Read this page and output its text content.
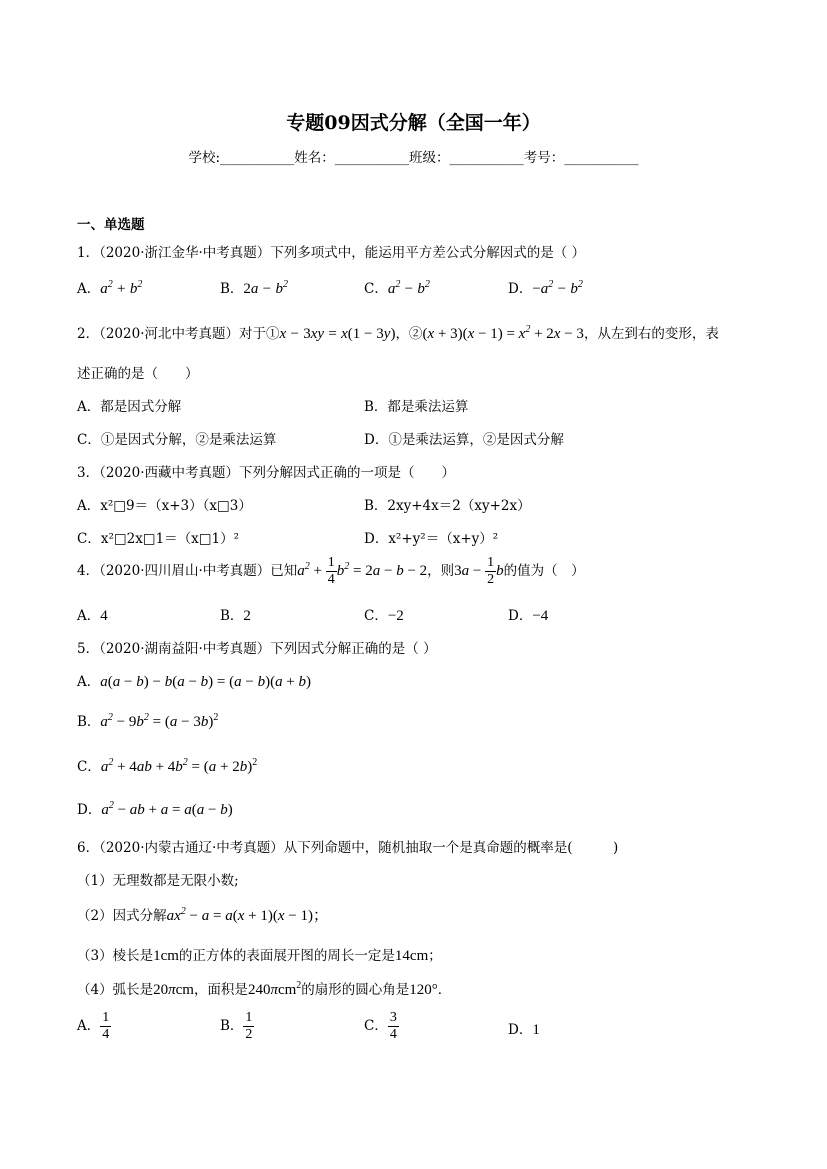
专题09因式分解（全国一年）
学校:___________姓名：___________班级：___________考号：___________
一、单选题
1．（2020·浙江金华·中考真题）下列多项式中，能运用平方差公式分解因式的是（ ）
A．$a^2 + b^2$	B．$2a - b^2$	C．$a^2 - b^2$	D．$-a^2 - b^2$
2．（2020·河北中考真题）对于①x − 3xy = x(1 − 3y)，②(x + $3)(x - 1) = x^2 + 2x - 3$，从左到右的变形，表
述正确的是（　　）
A．都是因式分解	B．都是乘法运算
C．①是因式分解，②是乘法运算	D．①是乘法运算，②是因式分解
3．（2020·西藏中考真题）下列分解因式正确的一项是（　　）
A．x²□9＝（x+3）（x□3）	B．2xy+4x＝2（xy+2x）
C．x²□2x□1＝（x□1）²	D．x²+y²＝（x+y）²
4．（2020·四川眉山·中考真题）已知$a^2 + \frac{1}{4} b^2 = 2a - b - 2$，则$3a - \frac{1}{2}$ b的值为（　）
A．4	B．2	C．−2	D．−4
5．（2020·湖南益阳·中考真题）下列因式分解正确的是（ ）
A．a(a − b) − b(a − b) = (a − b)(a + b)
B．$a^2 - 9b^2 = (a - 3b)^2$
C．$a^2 + 4ab + 4b^2 = (a + 2b)^2$
D．$a^2$ − ab + a = a(a − b)
6．（2020·内蒙古通辽·中考真题）从下列命题中，随机抽取一个是真命题的概率是(　　　)
（1）无理数都是无限小数;
（2）因式分解$ax^2 - a = a(x + 1)(x - 1)$；
（3）棱长是1cm的正方体的表面展开图的周长一定是14cm；
（4）弧长是20πcm，面积是240πcm$^2$的扇形的圆心角是120°．
A． $\frac{1}{4}$	B． $\frac{1}{2}$	C． $\frac{3}{4}$	D．1
